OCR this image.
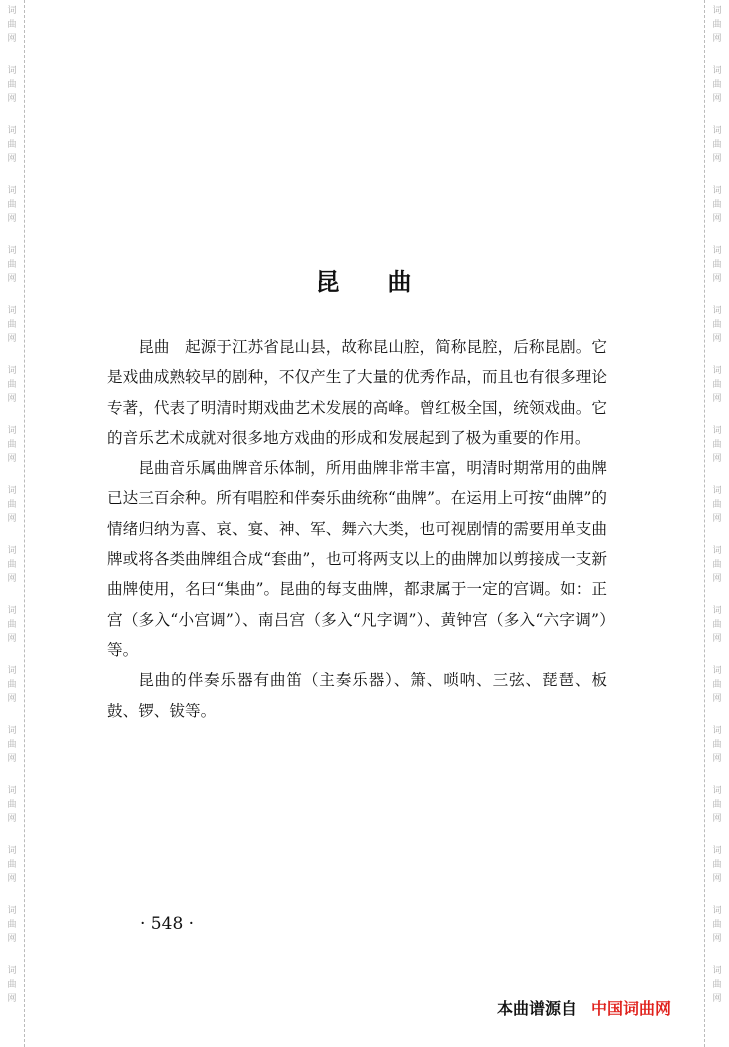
词
曲
网
词
曲
网
词
曲
网
词
曲
网
词
曲
网
词
曲
网
词
曲
网
词
曲
网
词
曲
网
词
曲
网
词
曲
网
词
曲
网
词
曲
网
词
曲
网
词
曲
网
词
曲
网
词
曲
网
词
曲
网
词
曲
网
词
曲
网
词
曲
网
词
曲
网
词
曲
网
词
曲
网
词
曲
网
词
曲
网
词
曲
网
词
曲
网
词
曲
网
词
曲
网
词
曲
网
词
曲
网
词
曲
网
词
曲
网
昆 曲

昆曲　起源于江苏省昆山县，故称昆山腔，简称昆腔，后称昆剧。它是戏曲成熟较早的剧种，不仅产生了大量的优秀作品，而且也有很多理论专著，代表了明清时期戏曲艺术发展的高峰。曾红极全国，统领戏曲。它的音乐艺术成就对很多地方戏曲的形成和发展起到了极为重要的作用。

昆曲音乐属曲牌音乐体制，所用曲牌非常丰富，明清时期常用的曲牌已达三百余种。所有唱腔和伴奏乐曲统称“曲牌”。在运用上可按“曲牌”的情绪归纳为喜、哀、宴、神、军、舞六大类，也可视剧情的需要用单支曲牌或将各类曲牌组合成“套曲”，也可将两支以上的曲牌加以剪接成一支新曲牌使用，名曰“集曲”。昆曲的每支曲牌，都隶属于一定的宫调。如：正宫（多入“小宫调”）、南吕宫（多入“凡字调”）、黄钟宫（多入“六字调”）等。

昆曲的伴奏乐器有曲笛（主奏乐器）、箫、唢呐、三弦、琵琶、板鼓、锣、钹等。

· 548 ·
本曲谱源自 中国词曲网
